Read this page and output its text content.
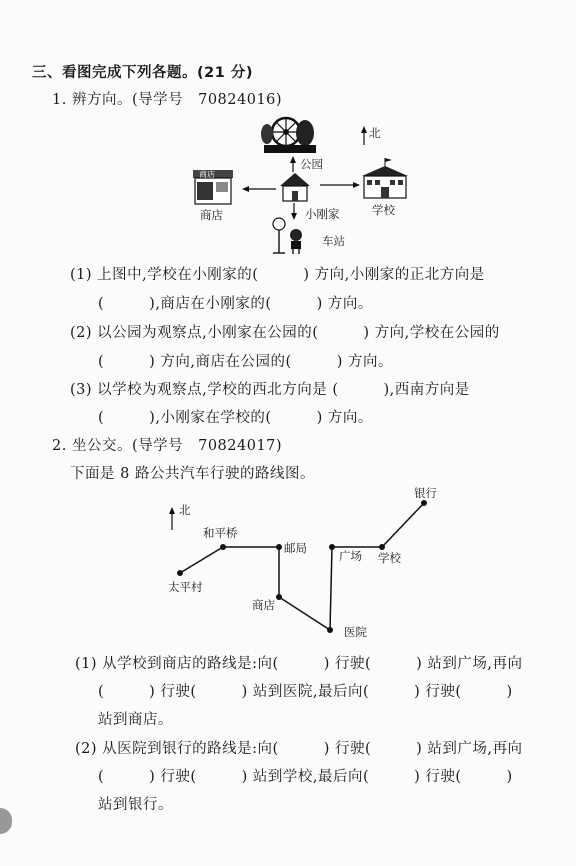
三、看图完成下列各题。(21 分)
1. 辨方向。(导学号　70824016)
北
公园
商店
商店	学校
小刚家
车站
(1) 上图中,学校在小刚家的(　　　) 方向,小刚家的正北方向是
(　　　),商店在小刚家的(　　　) 方向。
(2) 以公园为观察点,小刚家在公园的(　　　) 方向,学校在公园的
(　　　) 方向,商店在公园的(　　　) 方向。
(3) 以学校为观察点,学校的西北方向是 (　　　),西南方向是
(　　　),小刚家在学校的(　　　) 方向。
2. 坐公交。(导学号　70824017)
下面是 8 路公共汽车行驶的路线图。
北
和平桥
太平村
邮局
商店
医院
广场 学校
银行
(1) 从学校到商店的路线是:向(　　　) 行驶(　　　) 站到广场,再向
(　　　) 行驶(　　　) 站到医院,最后向(　　　) 行驶(　　　)
站到商店。
(2) 从医院到银行的路线是:向(　　　) 行驶(　　　) 站到广场,再向
(　　　) 行驶(　　　) 站到学校,最后向(　　　) 行驶(　　　)
站到银行。
